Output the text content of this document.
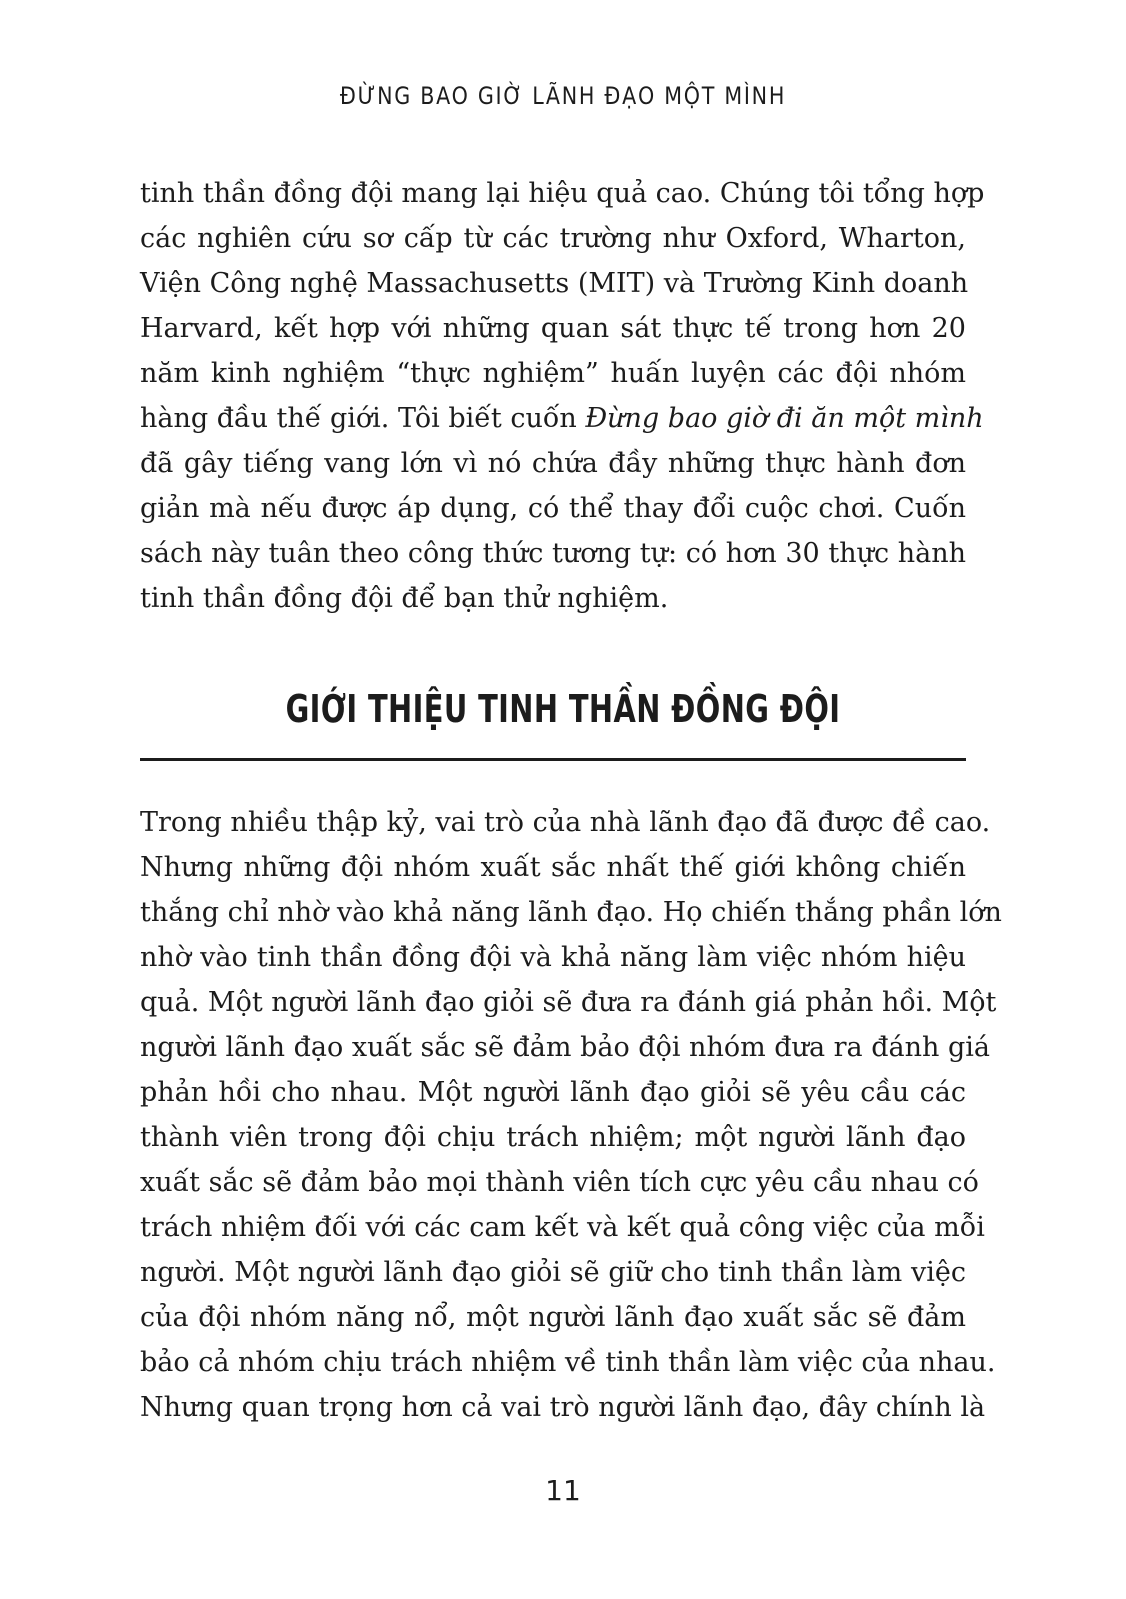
ĐỪNG BAO GIỜ LÃNH ĐẠO MỘT MÌNH
tinh thần đồng đội mang lại hiệu quả cao. Chúng tôi tổng hợp
các nghiên cứu sơ cấp từ các trường như Oxford, Wharton,
Viện Công nghệ Massachusetts (MIT) và Trường Kinh doanh
Harvard, kết hợp với những quan sát thực tế trong hơn 20
năm kinh nghiệm “thực nghiệm” huấn luyện các đội nhóm
hàng đầu thế giới. Tôi biết cuốn Đừng bao giờ đi ăn một mình
đã gây tiếng vang lớn vì nó chứa đầy những thực hành đơn
giản mà nếu được áp dụng, có thể thay đổi cuộc chơi. Cuốn
sách này tuân theo công thức tương tự: có hơn 30 thực hành
tinh thần đồng đội để bạn thử nghiệm.
GIỚI THIỆU TINH THẦN ĐỒNG ĐỘI
Trong nhiều thập kỷ, vai trò của nhà lãnh đạo đã được đề cao.
Nhưng những đội nhóm xuất sắc nhất thế giới không chiến
thắng chỉ nhờ vào khả năng lãnh đạo. Họ chiến thắng phần lớn
nhờ vào tinh thần đồng đội và khả năng làm việc nhóm hiệu
quả. Một người lãnh đạo giỏi sẽ đưa ra đánh giá phản hồi. Một
người lãnh đạo xuất sắc sẽ đảm bảo đội nhóm đưa ra đánh giá
phản hồi cho nhau. Một người lãnh đạo giỏi sẽ yêu cầu các
thành viên trong đội chịu trách nhiệm; một người lãnh đạo
xuất sắc sẽ đảm bảo mọi thành viên tích cực yêu cầu nhau có
trách nhiệm đối với các cam kết và kết quả công việc của mỗi
người. Một người lãnh đạo giỏi sẽ giữ cho tinh thần làm việc
của đội nhóm năng nổ, một người lãnh đạo xuất sắc sẽ đảm
bảo cả nhóm chịu trách nhiệm về tinh thần làm việc của nhau.
Nhưng quan trọng hơn cả vai trò người lãnh đạo, đây chính là
11
